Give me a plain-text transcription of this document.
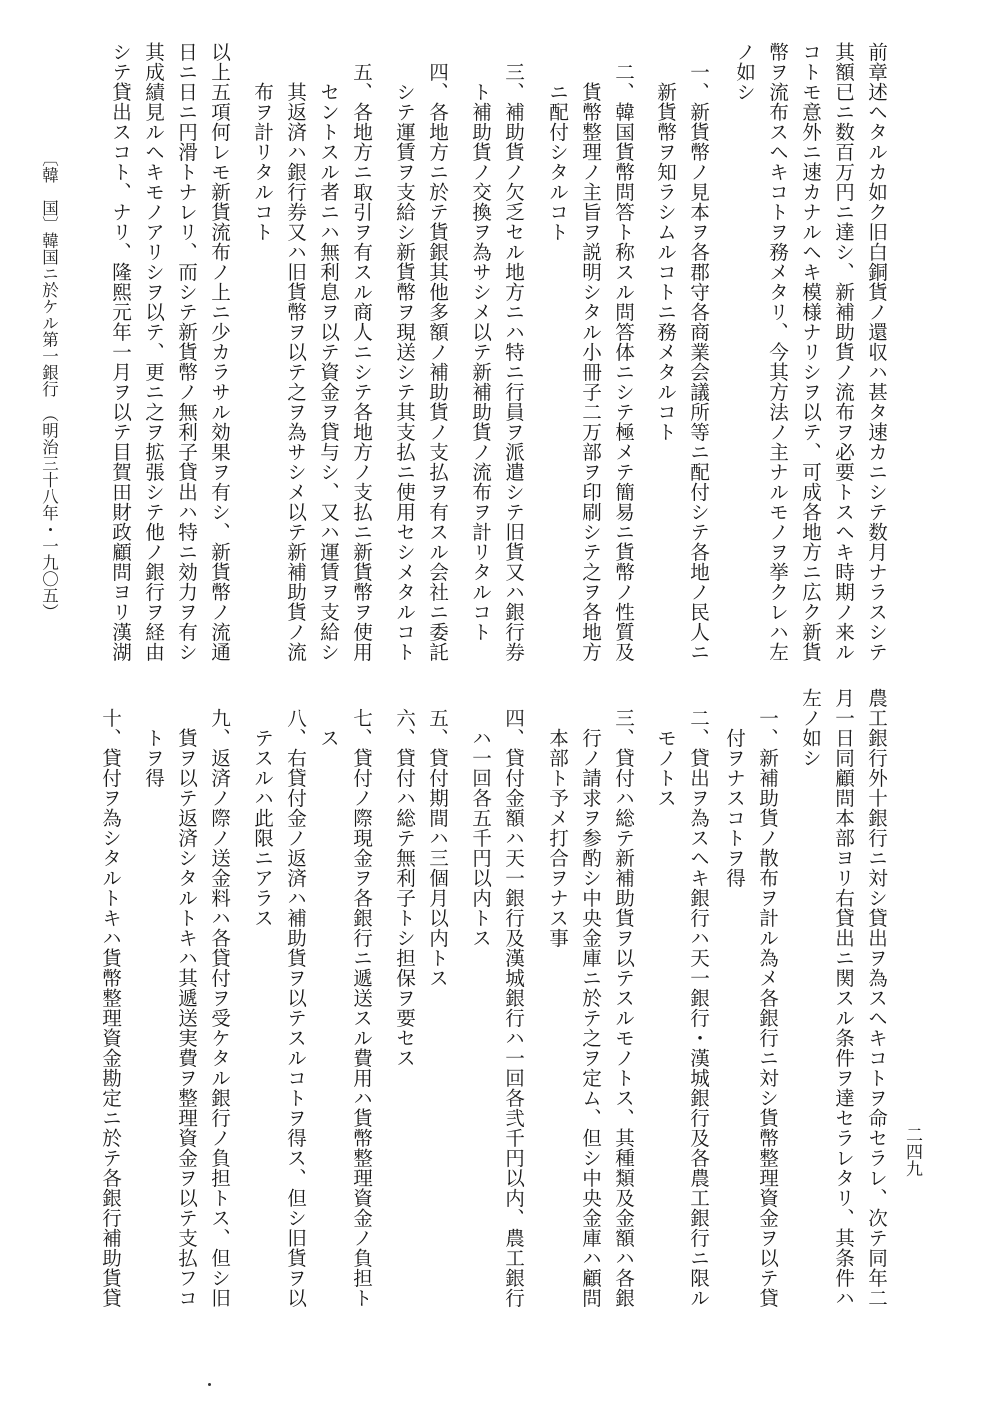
前章述ヘタルカ如ク旧白銅貨ノ還収ハ甚タ速カニシテ数月ナラスシテ
其額已ニ数百万円ニ達シ、新補助貨ノ流布ヲ必要トスヘキ時期ノ来ル
コトモ意外ニ速カナルヘキ模様ナリシヲ以テ、可成各地方ニ広ク新貨
幣ヲ流布スヘキコトヲ務メタリ、今其方法ノ主ナルモノヲ挙クレハ左
ノ如シ
　一、新貨幣ノ見本ヲ各郡守各商業会議所等ニ配付シテ各地ノ民人ニ
　　新貨幣ヲ知ラシムルコトニ務メタルコト
　二、韓国貨幣問答ト称スル問答体ニシテ極メテ簡易ニ貨幣ノ性質及
　　貨幣整理ノ主旨ヲ説明シタル小冊子二万部ヲ印刷シテ之ヲ各地方
　　ニ配付シタルコト
　三、補助貨ノ欠乏セル地方ニハ特ニ行員ヲ派遣シテ旧貨又ハ銀行券
　　ト補助貨ノ交換ヲ為サシメ以テ新補助貨ノ流布ヲ計リタルコト
　四、各地方ニ於テ貨銀其他多額ノ補助貨ノ支払ヲ有スル会社ニ委託
　　シテ運賃ヲ支給シ新貨幣ヲ現送シテ其支払ニ使用セシメタルコト
　五、各地方ニ取引ヲ有スル商人ニシテ各地方ノ支払ニ新貨幣ヲ使用
　　セントスル者ニハ無利息ヲ以テ資金ヲ貸与シ、又ハ運賃ヲ支給シ
　　其返済ハ銀行券又ハ旧貨幣ヲ以テ之ヲ為サシメ以テ新補助貨ノ流
　　布ヲ計リタルコト
以上五項何レモ新貨流布ノ上ニ少カラサル効果ヲ有シ、新貨幣ノ流通
日ニ日ニ円滑トナレリ、而シテ新貨幣ノ無利子貸出ハ特ニ効力ヲ有シ
其成績見ルヘキモノアリシヲ以テ、更ニ之ヲ拡張シテ他ノ銀行ヲ経由
シテ貸出スコト、ナリ、隆熙元年一月ヲ以テ目賀田財政顧問ヨリ漢湖
農工銀行外十銀行ニ対シ貸出ヲ為スヘキコトヲ命セラレ、次テ同年二
月一日同顧問本部ヨリ右貸出ニ関スル条件ヲ達セラレタリ、其条件ハ
左ノ如シ
　一、新補助貨ノ散布ヲ計ル為メ各銀行ニ対シ貨幣整理資金ヲ以テ貸
　　付ヲナスコトヲ得
　二、貸出ヲ為スヘキ銀行ハ天一銀行・漢城銀行及各農工銀行ニ限ル
　　モノトス
　三、貸付ハ総テ新補助貨ヲ以テスルモノトス、其種類及金額ハ各銀
　　行ノ請求ヲ参酌シ中央金庫ニ於テ之ヲ定ム、但シ中央金庫ハ顧問
　　本部ト予メ打合ヲナス事
　四、貸付金額ハ天一銀行及漢城銀行ハ一回各弐千円以内、農工銀行
　　ハ一回各五千円以内トス
　五、貸付期間ハ三個月以内トス
　六、貸付ハ総テ無利子トシ担保ヲ要セス
　七、貸付ノ際現金ヲ各銀行ニ遞送スル費用ハ貨幣整理資金ノ負担ト
　　ス
　八、右貸付金ノ返済ハ補助貨ヲ以テスルコトヲ得ス、但シ旧貨ヲ以
　　テスルハ此限ニアラス
　九、返済ノ際ノ送金料ハ各貸付ヲ受ケタル銀行ノ負担トス、但シ旧
　　貨ヲ以テ返済シタルトキハ其遞送実費ヲ整理資金ヲ以テ支払フコ
　　トヲ得
　十、貸付ヲ為シタルトキハ貨幣整理資金勘定ニ於テ各銀行補助貨貸
〔韓　国〕
韓国ニ於ケル第一銀行　（明治三十八年・一九〇五）
二四九
